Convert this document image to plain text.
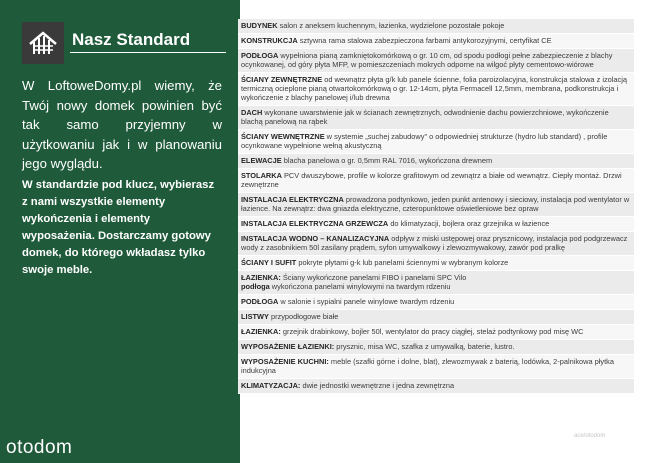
Nasz Standard
W LoftoweDomy.pl wiemy, że Twój nowy domek powinien być tak samo przyjemny w użytkowaniu jak i w planowaniu jego wyglądu.
W standardzie pod klucz, wybierasz z nami wszystkie elementy wykończenia i elementy wyposażenia. Dostarczamy gotowy domek, do którego wkładasz tylko swoje meble.
otodom
BUDYNEK salon z aneksem kuchennym, łazienka, wydzielone pozostałe pokoje
KONSTRUKCJA sztywna rama stalowa zabezpieczona farbami antykorozyjnymi, certyfikat CE
PODŁOGA wypełniona pianą zamkniętokomórkową o gr. 10 cm, od spodu podłogi pełne zabezpieczenie z blachy ocynkowanej, od góry płyta MFP, w pomieszczeniach mokrych odporne na wilgoć płyty cementowo-wiórowe
ŚCIANY ZEWNĘTRZNE od wewnątrz płyta g/k lub panele ścienne, folia paroizolacyjna, konstrukcja stalowa z izolacją termiczną ocieplone pianą otwartokomórkową o gr. 12-14cm, płyta Fermacell 12,5mm, membrana, podkonstrukcja i wykończenie z blachy panelowej i/lub drewna
DACH wykonane uwarstwienie jak w ścianach zewnętrznych, odwodnienie dachu powierzchniowe, wykończenie blachą panelową na rąbek
ŚCIANY WEWNĘTRZNE w systemie „suchej zabudowy" o odpowiedniej strukturze (hydro lub standard) , profile ocynkowane wypełnione wełną akustyczną
ELEWACJE blacha panelowa o gr. 0,5mm RAL 7016, wykończona drewnem
STOLARKA PCV dwuszybowe, profile w kolorze grafitowym od zewnątrz a białe od wewnątrz. Ciepły montaż. Drzwi zewnętrzne
INSTALACJA ELEKTRYCZNA prowadzona podtynkowo, jeden punkt antenowy i sieciowy, instalacja pod wentylator w łazience. Na zewnątrz: dwa gniazda elektryczne, czteropunktowe oświetleniowe bez opraw
INSTALACJA ELEKTRYCZNA GRZEWCZA do klimatyzacji, bojlera oraz grzejnika w łazience
INSTALACJA WODNO – KANALIZACYJNA odpływ z miski ustępowej oraz prysznicowy, instalacja pod podgrzewacz wody z zasobnikiem 50l zasilany prądem, syfon umywalkowy i zlewozmywakowy, zawór pod pralkę
ŚCIANY I SUFIT pokryte płytami g-k lub panelami ściennymi w wybranym kolorze
ŁAZIENKA: Ściany wykończone panelami FIBO i panelami SPC Vilo
podłoga wykończona panelami winylowymi na twardym rdzeniu
PODŁOGA w salonie i sypialni panele winylowe twardym rdzeniu
LISTWY przypodłogowe białe
ŁAZIENKA: grzejnik drabinkowy, bojler 50l, wentylator do pracy ciągłej, stelaż podtynkowy pod misę WC
WYPOSAŻENIE ŁAZIENKI: prysznic, misa WC, szafka z umywalką, baterie, lustro.
WYPOSAŻENIE KUCHNI: meble (szafki górne i dolne, blat), zlewozmywak z baterią, lodówka, 2-palnikowa płytka indukcyjna
KLIMATYZACJA: dwie jednostki wewnętrzne i jedna zewnętrzna
ace/otodom
